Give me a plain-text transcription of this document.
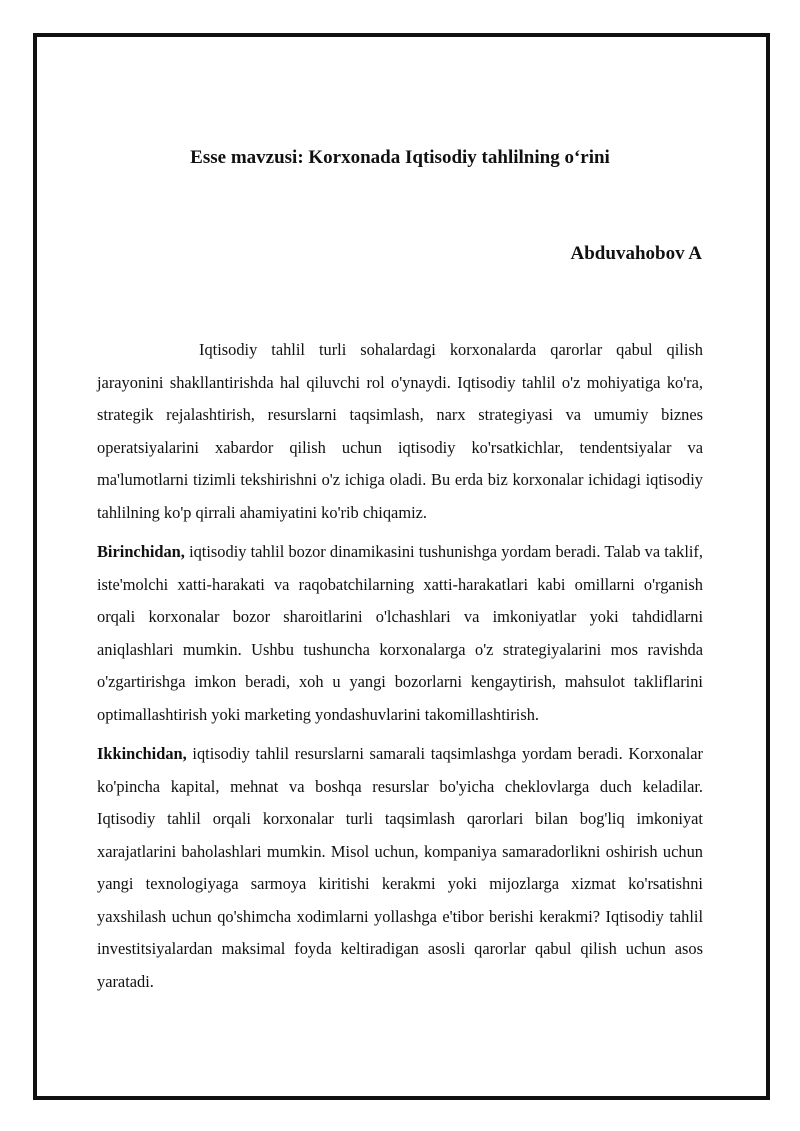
Esse mavzusi: Korxonada Iqtisodiy tahlilning o‘rini
Abduvahobov A

Iqtisodiy tahlil turli sohalardagi korxonalarda qarorlar qabul qilish jarayonini shakllantirishda hal qiluvchi rol o'ynaydi. Iqtisodiy tahlil o'z mohiyatiga ko'ra, strategik rejalashtirish, resurslarni taqsimlash, narx strategiyasi va umumiy biznes operatsiyalarini xabardor qilish uchun iqtisodiy ko'rsatkichlar, tendentsiyalar va ma'lumotlarni tizimli tekshirishni o'z ichiga oladi. Bu erda biz korxonalar ichidagi iqtisodiy tahlilning ko'p qirrali ahamiyatini ko'rib chiqamiz.

Birinchidan, iqtisodiy tahlil bozor dinamikasini tushunishga yordam beradi. Talab va taklif, iste'molchi xatti-harakati va raqobatchilarning xatti-harakatlari kabi omillarni o'rganish orqali korxonalar bozor sharoitlarini o'lchashlari va imkoniyatlar yoki tahdidlarni aniqlashlari mumkin. Ushbu tushuncha korxonalarga o'z strategiyalarini mos ravishda o'zgartirishga imkon beradi, xoh u yangi bozorlarni kengaytirish, mahsulot takliflarini optimallashtirish yoki marketing yondashuvlarini takomillashtirish.

Ikkinchidan, iqtisodiy tahlil resurslarni samarali taqsimlashga yordam beradi. Korxonalar ko'pincha kapital, mehnat va boshqa resurslar bo'yicha cheklovlarga duch keladilar. Iqtisodiy tahlil orqali korxonalar turli taqsimlash qarorlari bilan bog'liq imkoniyat xarajatlarini baholashlari mumkin. Misol uchun, kompaniya samaradorlikni oshirish uchun yangi texnologiyaga sarmoya kiritishi kerakmi yoki mijozlarga xizmat ko'rsatishni yaxshilash uchun qo'shimcha xodimlarni yollashga e'tibor berishi kerakmi? Iqtisodiy tahlil investitsiyalardan maksimal foyda keltiradigan asosli qarorlar qabul qilish uchun asos yaratadi.
